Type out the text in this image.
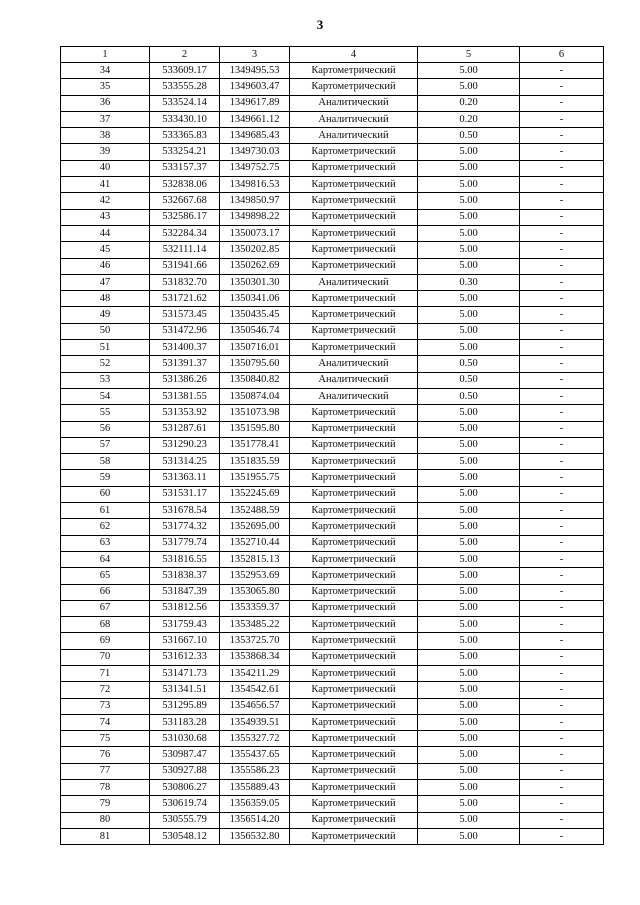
3
1	2	3	4	5	6
34	533609.17	1349495.53	Картометрический	5.00	-
35	533555.28	1349603.47	Картометрический	5.00	-
36	533524.14	1349617.89	Аналитический	0.20	-
37	533430.10	1349661.12	Аналитический	0.20	-
38	533365.83	1349685.43	Аналитический	0.50	-
39	533254.21	1349730.03	Картометрический	5.00	-
40	533157.37	1349752.75	Картометрический	5.00	-
41	532838.06	1349816.53	Картометрический	5.00	-
42	532667.68	1349850.97	Картометрический	5.00	-
43	532586.17	1349898.22	Картометрический	5.00	-
44	532284.34	1350073.17	Картометрический	5.00	-
45	532111.14	1350202.85	Картометрический	5.00	-
46	531941.66	1350262.69	Картометрический	5.00	-
47	531832.70	1350301.30	Аналитический	0.30	-
48	531721.62	1350341.06	Картометрический	5.00	-
49	531573.45	1350435.45	Картометрический	5.00	-
50	531472.96	1350546.74	Картометрический	5.00	-
51	531400.37	1350716.01	Картометрический	5.00	-
52	531391.37	1350795.60	Аналитический	0.50	-
53	531386.26	1350840.82	Аналитический	0.50	-
54	531381.55	1350874.04	Аналитический	0.50	-
55	531353.92	1351073.98	Картометрический	5.00	-
56	531287.61	1351595.80	Картометрический	5.00	-
57	531290.23	1351778.41	Картометрический	5.00	-
58	531314.25	1351835.59	Картометрический	5.00	-
59	531363.11	1351955.75	Картометрический	5.00	-
60	531531.17	1352245.69	Картометрический	5.00	-
61	531678.54	1352488.59	Картометрический	5.00	-
62	531774.32	1352695.00	Картометрический	5.00	-
63	531779.74	1352710.44	Картометрический	5.00	-
64	531816.55	1352815.13	Картометрический	5.00	-
65	531838.37	1352953.69	Картометрический	5.00	-
66	531847.39	1353065.80	Картометрический	5.00	-
67	531812.56	1353359.37	Картометрический	5.00	-
68	531759.43	1353485.22	Картометрический	5.00	-
69	531667.10	1353725.70	Картометрический	5.00	-
70	531612.33	1353868.34	Картометрический	5.00	-
71	531471.73	1354211.29	Картометрический	5.00	-
72	531341.51	1354542.61	Картометрический	5.00	-
73	531295.89	1354656.57	Картометрический	5.00	-
74	531183.28	1354939.51	Картометрический	5.00	-
75	531030.68	1355327.72	Картометрический	5.00	-
76	530987.47	1355437.65	Картометрический	5.00	-
77	530927.88	1355586.23	Картометрический	5.00	-
78	530806.27	1355889.43	Картометрический	5.00	-
79	530619.74	1356359.05	Картометрический	5.00	-
80	530555.79	1356514.20	Картометрический	5.00	-
81	530548.12	1356532.80	Картометрический	5.00	-
